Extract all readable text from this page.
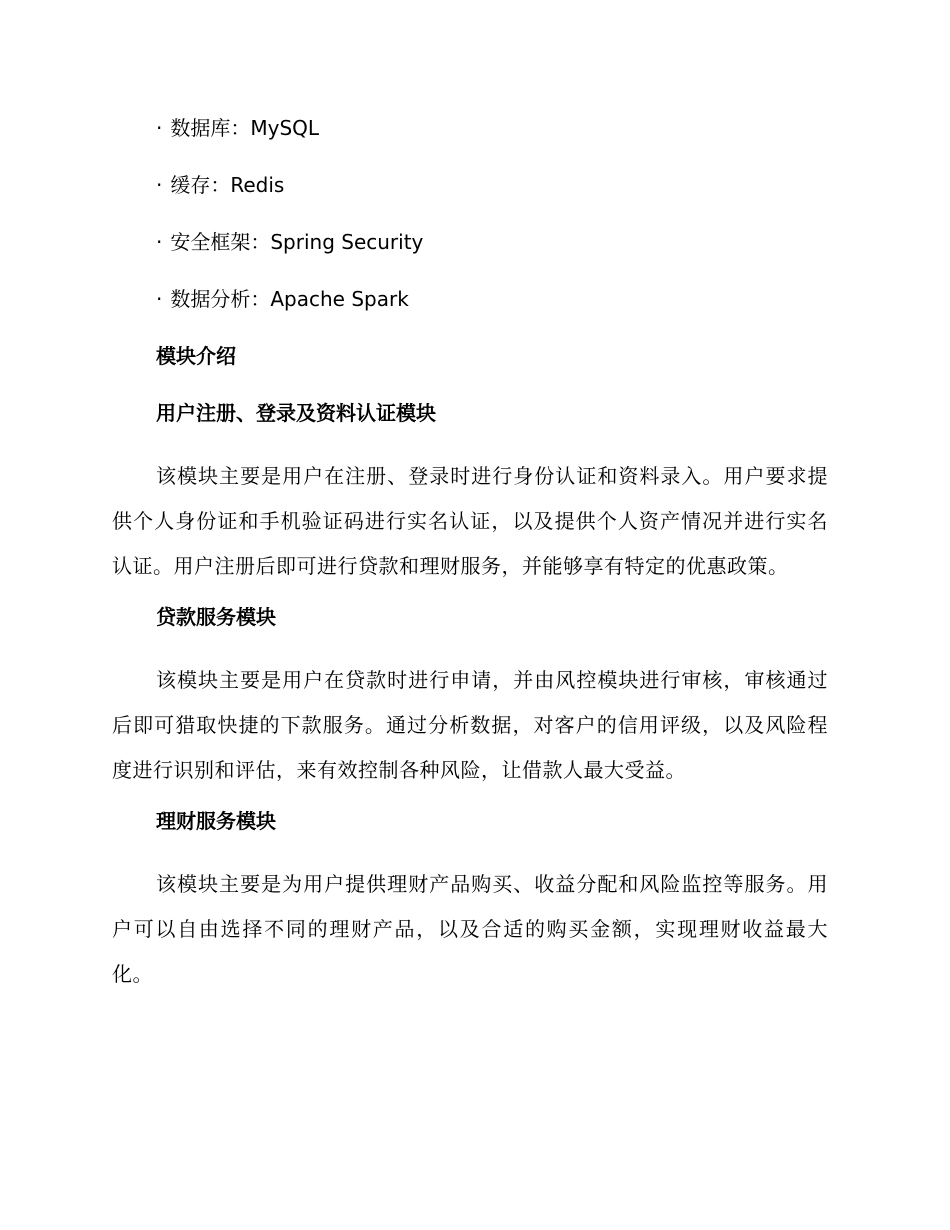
· 数据库：MySQL
· 缓存：Redis
· 安全框架：Spring Security
· 数据分析：Apache Spark
模块介绍
用户注册、登录及资料认证模块
该模块主要是用户在注册、登录时进行身份认证和资料录入。用户要求提供个人身份证和手机验证码进行实名认证，以及提供个人资产情况并进行实名认证。用户注册后即可进行贷款和理财服务，并能够享有特定的优惠政策。
贷款服务模块
该模块主要是用户在贷款时进行申请，并由风控模块进行审核，审核通过后即可猎取快捷的下款服务。通过分析数据，对客户的信用评级，以及风险程度进行识别和评估，来有效控制各种风险，让借款人最大受益。
理财服务模块
该模块主要是为用户提供理财产品购买、收益分配和风险监控等服务。用户可以自由选择不同的理财产品，以及合适的购买金额，实现理财收益最大化。
